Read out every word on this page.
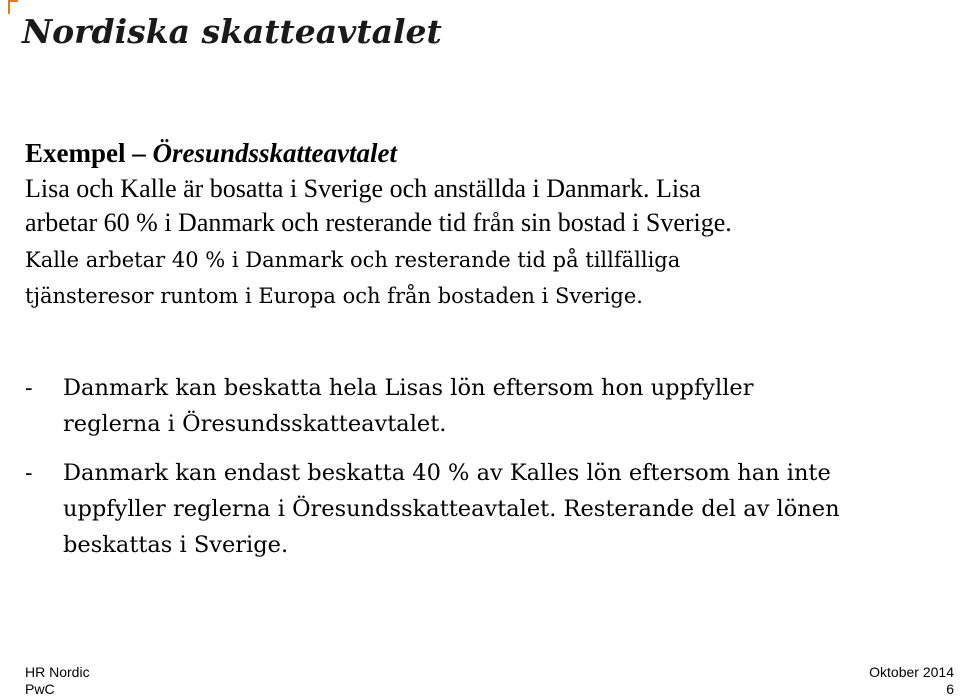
Nordiska skatteavtalet

Exempel – Öresundsskatteavtalet

Lisa och Kalle är bosatta i Sverige och anställda i Danmark. Lisa
arbetar 60 % i Danmark och resterande tid från sin bostad i Sverige.

Kalle arbetar 40 % i Danmark och resterande tid på tillfälliga
tjänsteresor runtom i Europa och från bostaden i Sverige.

- Danmark kan beskatta hela Lisas lön eftersom hon uppfyller
reglerna i Öresundsskatteavtalet.
- Danmark kan endast beskatta 40 % av Kalles lön eftersom han inte
uppfyller reglerna i Öresundsskatteavtalet. Resterande del av lönen
beskattas i Sverige.
HR Nordic
PwC
Oktober 2014
6
